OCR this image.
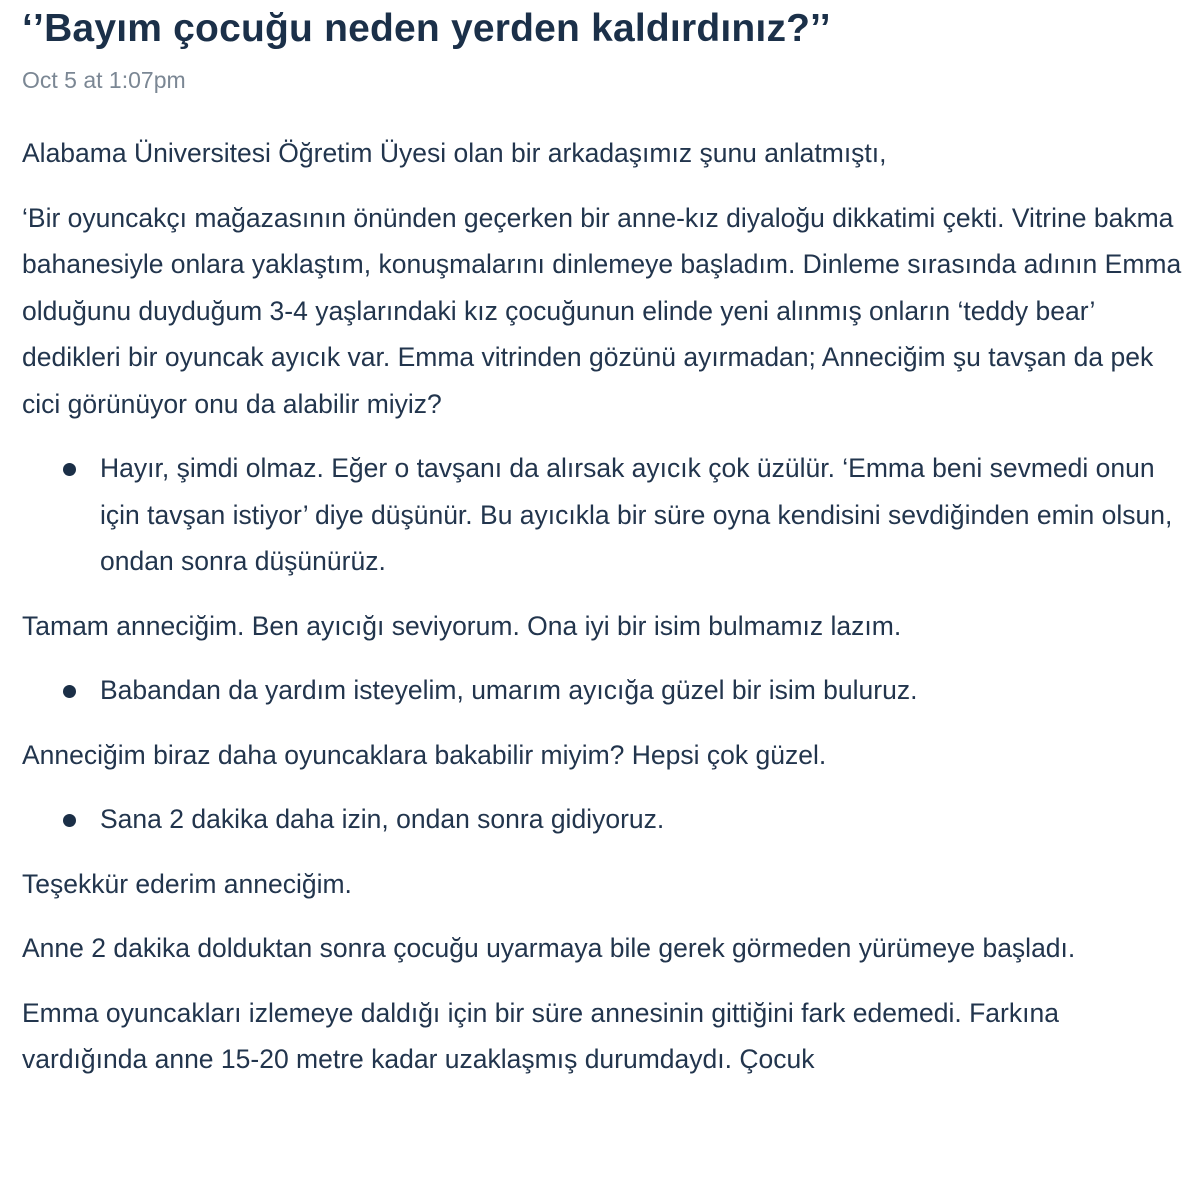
‘’Bayım çocuğu neden yerden kaldırdınız?’’
Oct 5 at 1:07pm

Alabama Üniversitesi Öğretim Üyesi olan bir arkadaşımız şunu anlatmıştı,

‘Bir oyuncakçı mağazasının önünden geçerken bir anne-kız diyaloğu dikkatimi çekti. Vitrine bakma bahanesiyle onlara yaklaştım, konuşmalarını dinlemeye başladım. Dinleme sırasında adının Emma olduğunu duyduğum 3-4 yaşlarındaki kız çocuğunun elinde yeni alınmış onların ‘teddy bear’ dedikleri bir oyuncak ayıcık var. Emma vitrinden gözünü ayırmadan; Anneciğim şu tavşan da pek cici görünüyor onu da alabilir miyiz?

Hayır, şimdi olmaz. Eğer o tavşanı da alırsak ayıcık çok üzülür. ‘Emma beni sevmedi onun için tavşan istiyor’ diye düşünür. Bu ayıcıkla bir süre oyna kendisini sevdiğinden emin olsun, ondan sonra düşünürüz.

Tamam anneciğim. Ben ayıcığı seviyorum. Ona iyi bir isim bulmamız lazım.

Babandan da yardım isteyelim, umarım ayıcığa güzel bir isim buluruz.

Anneciğim biraz daha oyuncaklara bakabilir miyim? Hepsi çok güzel.

Sana 2 dakika daha izin, ondan sonra gidiyoruz.

Teşekkür ederim anneciğim.

Anne 2 dakika dolduktan sonra çocuğu uyarmaya bile gerek görmeden yürümeye başladı.

Emma oyuncakları izlemeye daldığı için bir süre annesinin gittiğini fark edemedi. Farkına vardığında anne 15-20 metre kadar uzaklaşmış durumdaydı. Çocuk
